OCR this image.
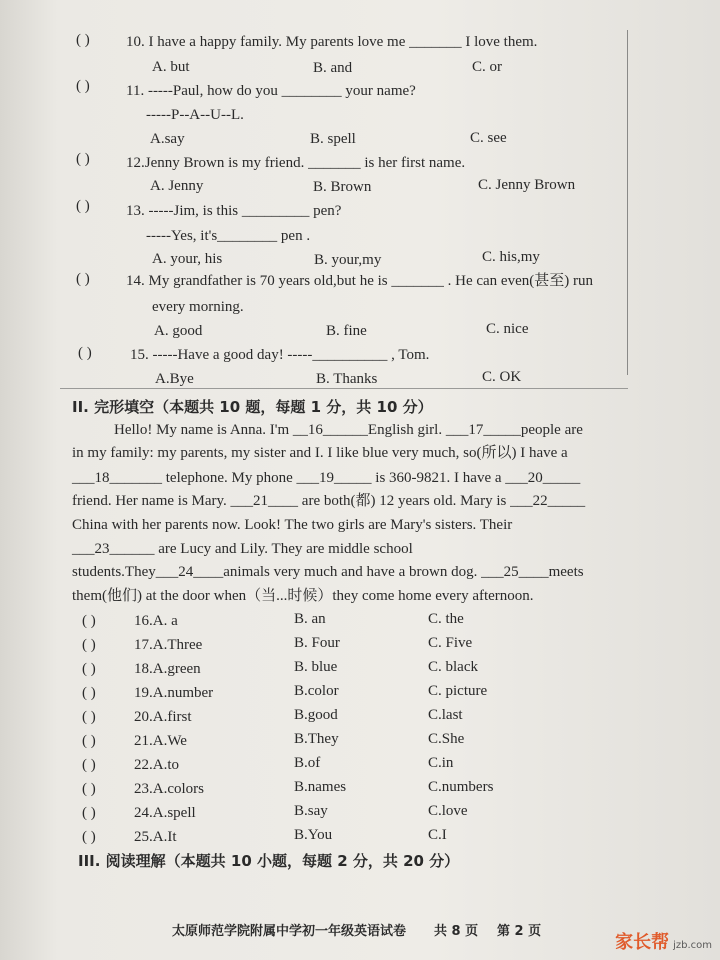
( ) 10. I have a happy family. My parents love me _______ I love them.
A. but	B. and	C. or
( ) 11. -----Paul, how do you ________ your name?
-----P--A--U--L.
A.say	B. spell	C. see
( ) 12.Jenny Brown is my friend. _______ is her first name.
A. Jenny	B. Brown	C. Jenny Brown
( ) 13. -----Jim, is this _________ pen?
-----Yes, it's________ pen .
A. your, his	B. your,my	C. his,my
( ) 14. My grandfather is 70 years old,but he is _______ . He can even(甚至) run
every morning.
A. good	B. fine	C. nice
( )	15. -----Have a good day! -----__________ , Tom.
A.Bye	B. Thanks	C. OK
II. 完形填空（本题共 10 题，每题 1 分，共 10 分）
Hello! My name is Anna. I'm __16______English girl. ___17_____people are
in my family: my parents, my sister and I. I like blue very much, so(所以) I have a
___18_______ telephone. My phone ___19_____ is 360-9821. I have a ___20_____
friend. Her name is Mary. ___21____ are both(都) 12 years old. Mary is ___22_____
China with her parents now. Look! The two girls are Mary's sisters. Their
___23______ are Lucy and Lily. They are middle school
students.They___24____animals very much and have a brown dog. ___25____meets
them(他们) at the door when（当...时候）they come home every afternoon.
( )	16.A. a	B. an	C. the
( )	17.A.Three	B. Four	C. Five
( )	18.A.green	B. blue	C. black
( )	19.A.number	B.color	C. picture
( )	20.A.first	B.good	C.last
( )	21.A.We	B.They	C.She
( )	22.A.to	B.of	C.in
( )	23.A.colors	B.names	C.numbers
( )	24.A.spell	B.say	C.love
( )	25.A.It	B.You	C.I
III. 阅读理解（本题共 10 小题，每题 2 分，共 20 分）
太原师范学院附属中学初一年级英语试卷 共 8 页 第 2 页
家长帮 jzb.com
